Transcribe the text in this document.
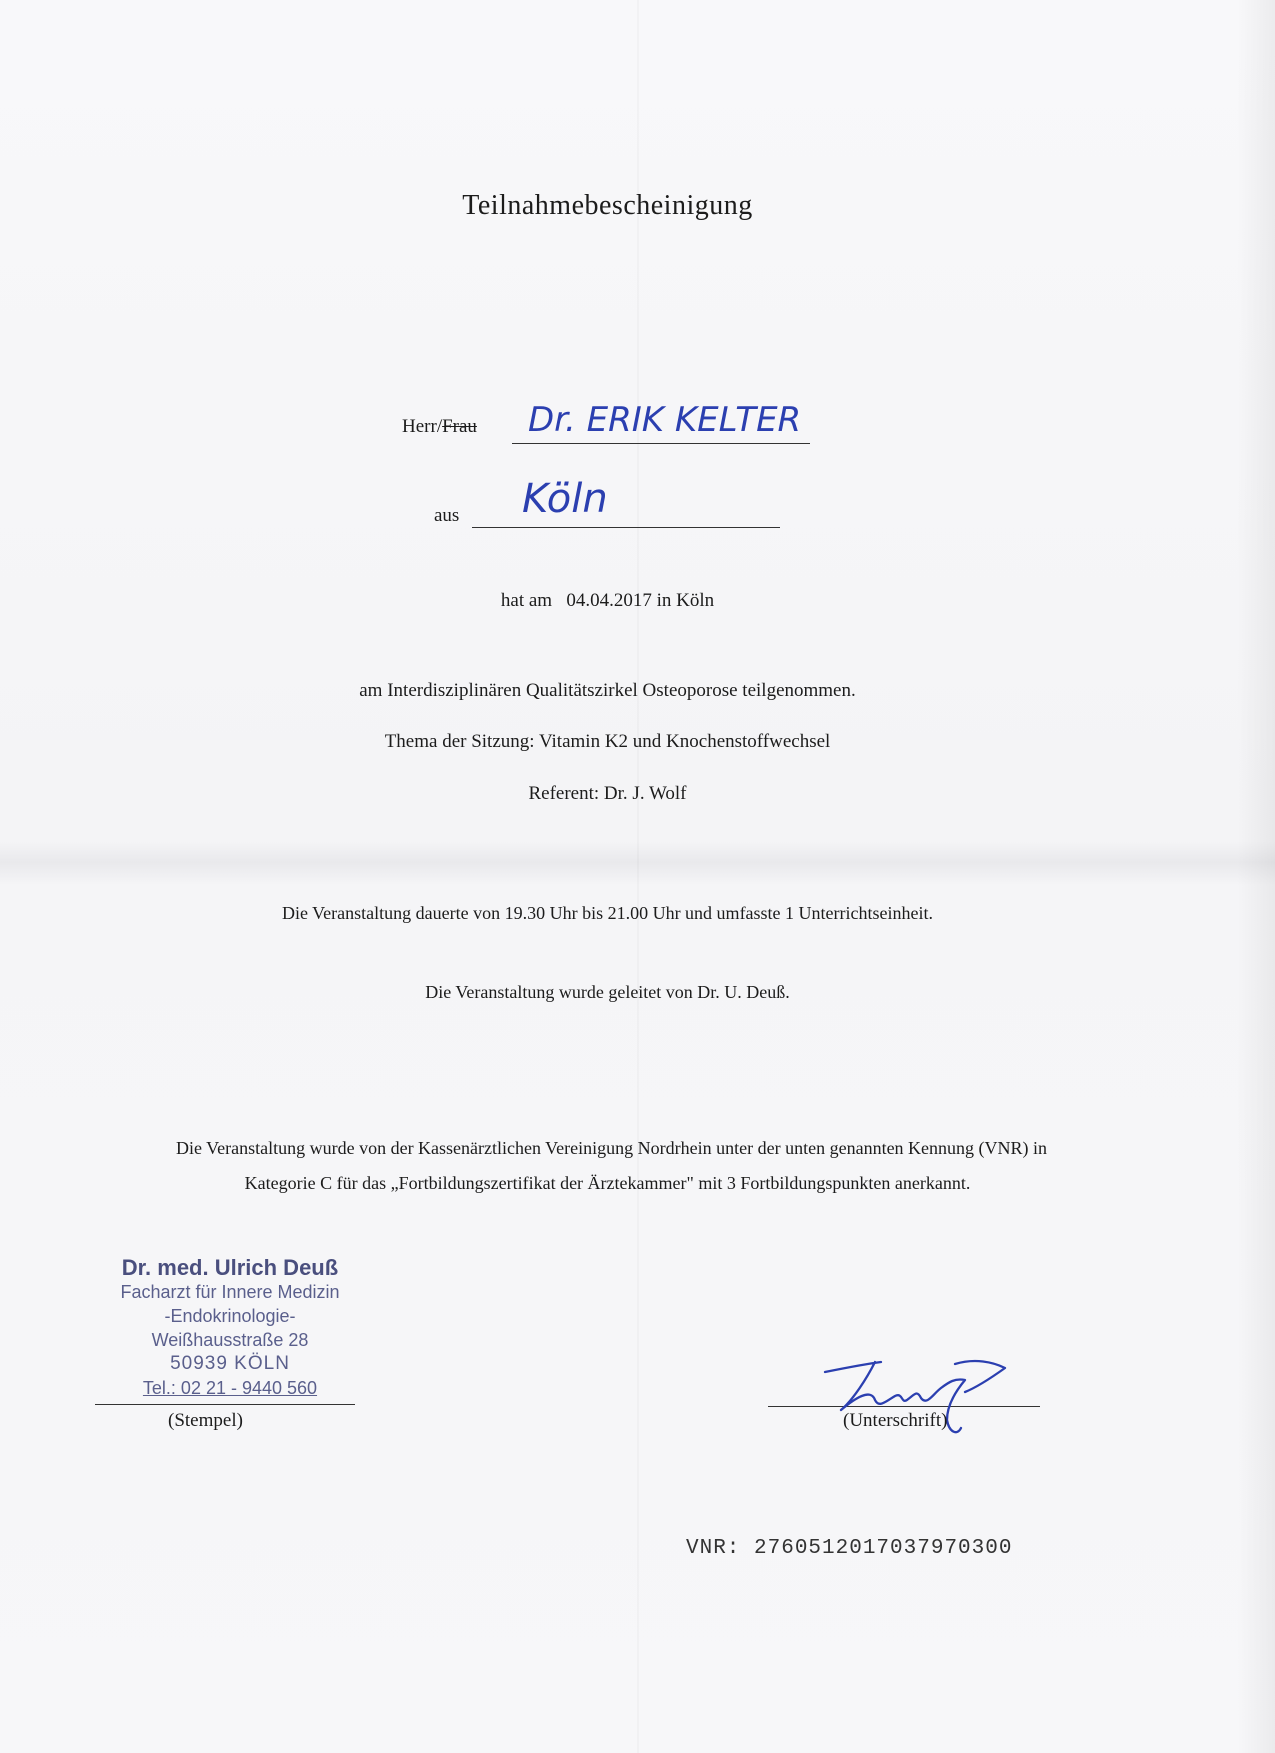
Teilnahmebescheinigung
Herr/Frau Dr. ERIK KELTER
aus Köln
hat am 04.04.2017 in Köln
am Interdisziplinären Qualitätszirkel Osteoporose teilgenommen.
Thema der Sitzung: Vitamin K2 und Knochenstoffwechsel
Referent: Dr. J. Wolf
Die Veranstaltung dauerte von 19.30 Uhr bis 21.00 Uhr und umfasste 1 Unterrichtseinheit.
Die Veranstaltung wurde geleitet von Dr. U. Deuß.
Die Veranstaltung wurde von der Kassenärztlichen Vereinigung Nordrhein unter der unten genannten Kennung (VNR) in
Kategorie C für das „Fortbildungszertifikat der Ärztekammer" mit 3 Fortbildungspunkten anerkannt.
Dr. med. Ulrich Deuß
Facharzt für Innere Medizin
-Endokrinologie-
Weißhausstraße 28
50939 KÖLN
Tel.: 02 21 - 9440 560
(Stempel)	(Unterschrift)
VNR: 2760512017037970300
